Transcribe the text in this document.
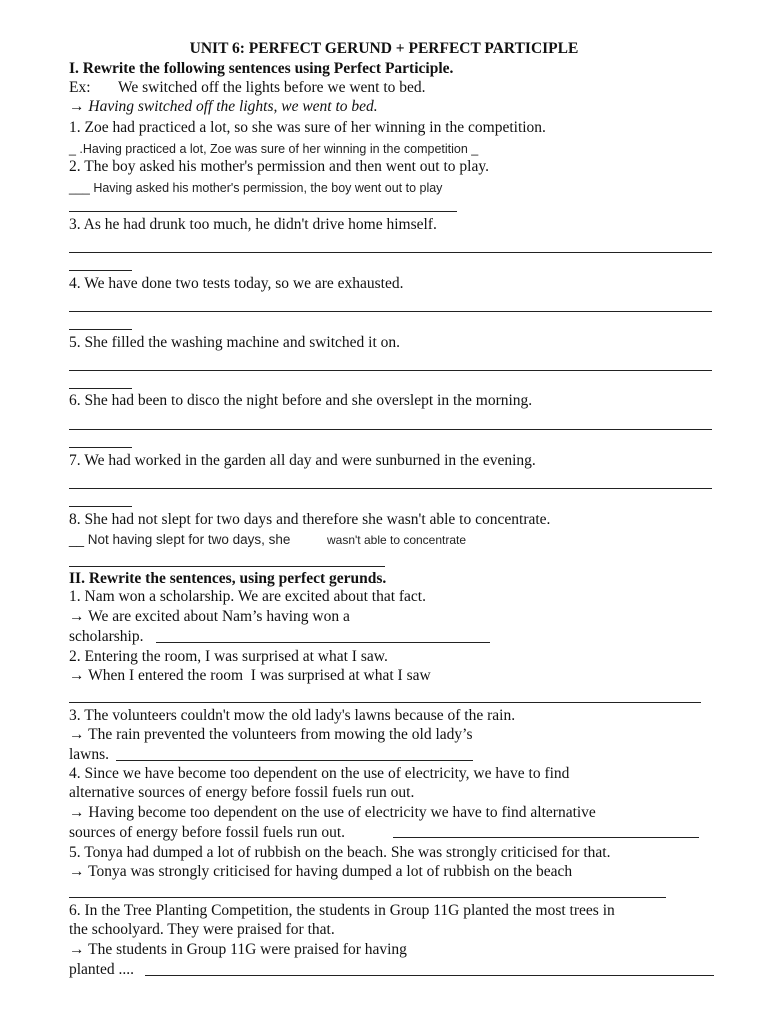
UNIT 6: PERFECT GERUND + PERFECT PARTICIPLE
I. Rewrite the following sentences using Perfect Participle.
Ex: We switched off the lights before we went to bed.
→ Having switched off the lights, we went to bed.
1. Zoe had practiced a lot, so she was sure of her winning in the competition.
_ .Having practiced a lot, Zoe was sure of her winning in the competition _
2. The boy asked his mother's permission and then went out to play.
___ Having asked his mother's permission, the boy went out to play
3. As he had drunk too much, he didn't drive home himself.
4. We have done two tests today, so we are exhausted.
5. She filled the washing machine and switched it on.
6. She had been to disco the night before and she overslept in the morning.
7. We had worked in the garden all day and were sunburned in the evening.
8. She had not slept for two days and therefore she wasn't able to concentrate.
__ Not having slept for two days, she	wasn't able to concentrate
II. Rewrite the sentences, using perfect gerunds.
1. Nam won a scholarship. We are excited about that fact.
→ We are excited about Nam’s having won a
scholarship.
2. Entering the room, I was surprised at what I saw.
→ When I entered the room  I was surprised at what I saw
3. The volunteers couldn't mow the old lady's lawns because of the rain.
→ The rain prevented the volunteers from mowing the old lady’s
lawns.
4. Since we have become too dependent on the use of electricity, we have to find
alternative sources of energy before fossil fuels run out.
→ Having become too dependent on the use of electricity we have to find alternative
sources of energy before fossil fuels run out.
5. Tonya had dumped a lot of rubbish on the beach. She was strongly criticised for that.
→ Tonya was strongly criticised for having dumped a lot of rubbish on the beach
6. In the Tree Planting Competition, the students in Group 11G planted the most trees in
the schoolyard. They were praised for that.
→ The students in Group 11G were praised for having
planted ....
